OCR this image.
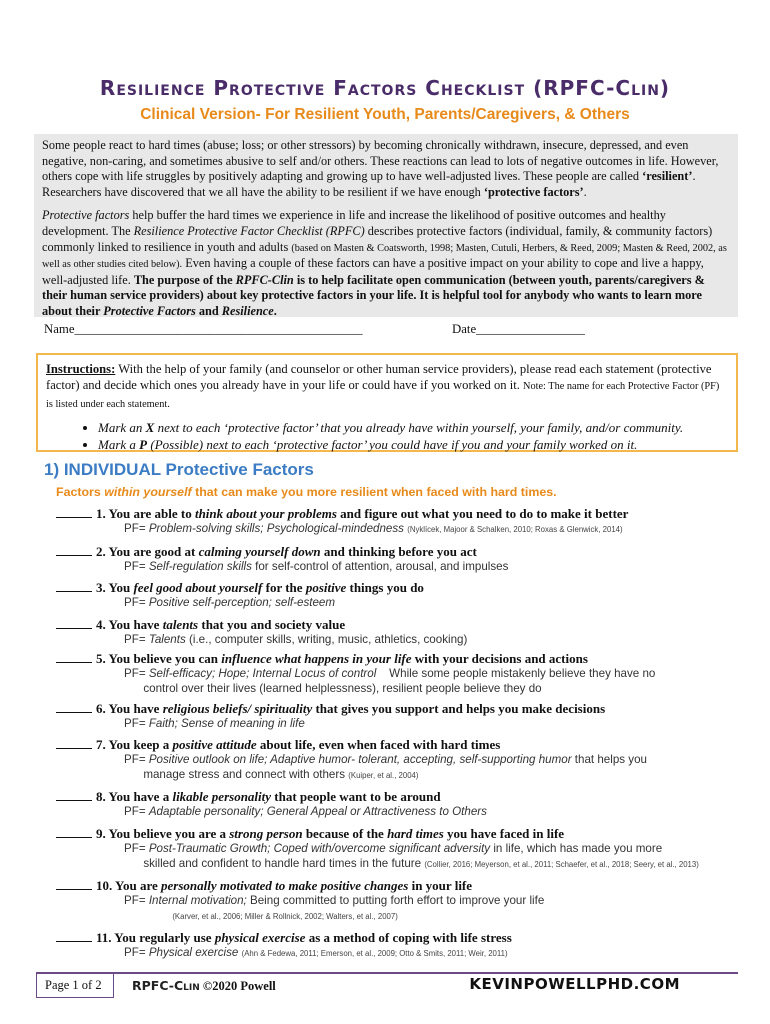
Resilience Protective Factors Checklist (RPFC-Clin)
Clinical Version- For Resilient Youth, Parents/Caregivers, & Others

Some people react to hard times (abuse; loss; or other stressors) by becoming chronically withdrawn, insecure, depressed, and even negative, non-caring, and sometimes abusive to self and/or others. These reactions can lead to lots of negative outcomes in life. However, others cope with life struggles by positively adapting and growing up to have well-adjusted lives. These people are called ‘resilient’. Researchers have discovered that we all have the ability to be resilient if we have enough ‘protective factors’.

Protective factors help buffer the hard times we experience in life and increase the likelihood of positive outcomes and healthy development. The Resilience Protective Factor Checklist (RPFC) describes protective factors (individual, family, & community factors) commonly linked to resilience in youth and adults (based on Masten & Coatsworth, 1998; Masten, Cutuli, Herbers, & Reed, 2009; Masten & Reed, 2002, as well as other studies cited below). Even having a couple of these factors can have a positive impact on your ability to cope and live a happy, well-adjusted life. The purpose of the RPFC-Clin is to help facilitate open communication (between youth, parents/caregivers & their human service providers) about key protective factors in your life. It is helpful tool for anybody who wants to learn more about their Protective Factors and Resilience.

Name_____________________________________________	Date_________________
Instructions: With the help of your family (and counselor or other human service providers), please read each statement (protective factor) and decide which ones you already have in your life or could have if you worked on it. Note: The name for each Protective Factor (PF) is listed under each statement.
• Mark an X next to each ‘protective factor’ that you already have within yourself, your family, and/or community.
• Mark a P (Possible) next to each ‘protective factor’ you could have if you and your family worked on it.
1) INDIVIDUAL Protective Factors
Factors within yourself that can make you more resilient when faced with hard times.
1. You are able to think about your problems and figure out what you need to do to make it better
PF= Problem-solving skills; Psychological-mindedness (Nyklícek, Majoor & Schalken, 2010; Roxas & Glenwick, 2014)
2. You are good at calming yourself down and thinking before you act
PF= Self-regulation skills for self-control of attention, arousal, and impulses
3. You feel good about yourself for the positive things you do
PF= Positive self-perception; self-esteem
4. You have talents that you and society value
PF= Talents (i.e., computer skills, writing, music, athletics, cooking)
5. You believe you can influence what happens in your life with your decisions and actions
PF= Self-efficacy; Hope; Internal Locus of control    While some people mistakenly believe they have no
control over their lives (learned helplessness), resilient people believe they do
6. You have religious beliefs/ spirituality that gives you support and helps you make decisions
PF= Faith; Sense of meaning in life
7. You keep a positive attitude about life, even when faced with hard times
PF= Positive outlook on life; Adaptive humor- tolerant, accepting, self-supporting humor that helps you
manage stress and connect with others (Kuiper, et al., 2004)
8. You have a likable personality that people want to be around
PF= Adaptable personality; General Appeal or Attractiveness to Others
9. You believe you are a strong person because of the hard times you have faced in life
PF= Post-Traumatic Growth; Coped with/overcome significant adversity in life, which has made you more
skilled and confident to handle hard times in the future (Collier, 2016; Meyerson, et al., 2011; Schaefer, et al., 2018; Seery, et al., 2013)
10. You are personally motivated to make positive changes in your life
PF= Internal motivation; Being committed to putting forth effort to improve your life
(Karver, et al., 2006; Miller & Rollnick, 2002; Walters, et al., 2007)
11. You regularly use physical exercise as a method of coping with life stress
PF= Physical exercise (Ahn & Fedewa, 2011; Emerson, et al., 2009; Otto & Smits, 2011; Weir, 2011)
Page 1 of 2	RPFC-Clin ©2020 Powell	KEVINPOWELLPHD.COM
